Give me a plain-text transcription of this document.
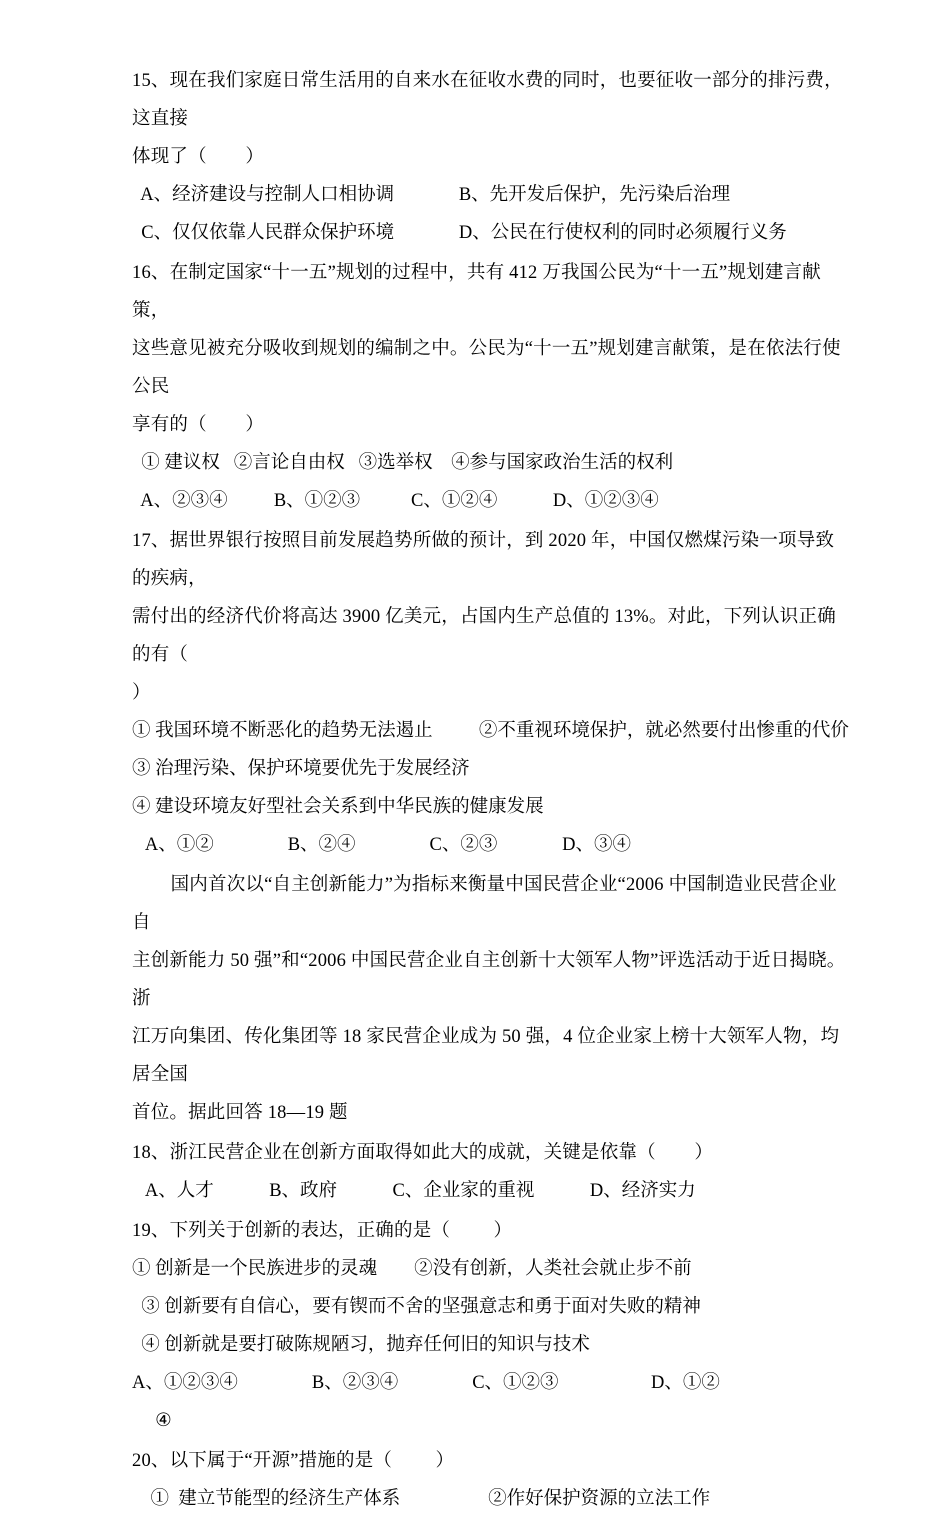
15、现在我们家庭日常生活用的自来水在征收水费的同时，也要征收一部分的排污费，这直接
体现了（        ）
A、经济建设与控制人口相协调              B、先开发后保护，先污染后治理
C、仅仅依靠人民群众保护环境              D、公民在行使权利的同时必须履行义务
16、在制定国家“十一五”规划的过程中，共有 412 万我国公民为“十一五”规划建言献策，
这些意见被充分吸收到规划的编制之中。公民为“十一五”规划建言献策，是在依法行使公民
享有的（        ）
① 建议权   ②言论自由权   ③选举权    ④参与国家政治生活的权利
A、②③④          B、①②③           C、①②④            D、①②③④
17、据世界银行按照目前发展趋势所做的预计，到 2020 年，中国仅燃煤污染一项导致的疾病，
需付出的经济代价将高达 3900 亿美元，占国内生产总值的 13%。对此，下列认识正确的有（
）
① 我国环境不断恶化的趋势无法遏止          ②不重视环境保护，就必然要付出惨重的代价
③ 治理污染、保护环境要优先于发展经济
④ 建设环境友好型社会关系到中华民族的健康发展
A、①②                B、②④                C、②③              D、③④
国内首次以“自主创新能力”为指标来衡量中国民营企业“2006 中国制造业民营企业自
主创新能力 50 强”和“2006 中国民营企业自主创新十大领军人物”评选活动于近日揭晓。浙
江万向集团、传化集团等 18 家民营企业成为 50 强，4 位企业家上榜十大领军人物，均居全国
首位。据此回答 18—19 题
18、浙江民营企业在创新方面取得如此大的成就，关键是依靠（        ）
A、人才            B、政府            C、企业家的重视            D、经济实力
19、下列关于创新的表达，正确的是（         ）
① 创新是一个民族进步的灵魂        ②没有创新，人类社会就止步不前
③ 创新要有自信心，要有锲而不舍的坚强意志和勇于面对失败的精神
④ 创新就是要打破陈规陋习，抛弃任何旧的知识与技术
A、①②③④                B、②③④                C、①②③                    D、①②
④
20、以下属于“开源”措施的是（         ）
①  建立节能型的经济生产体系                   ②作好保护资源的立法工作
